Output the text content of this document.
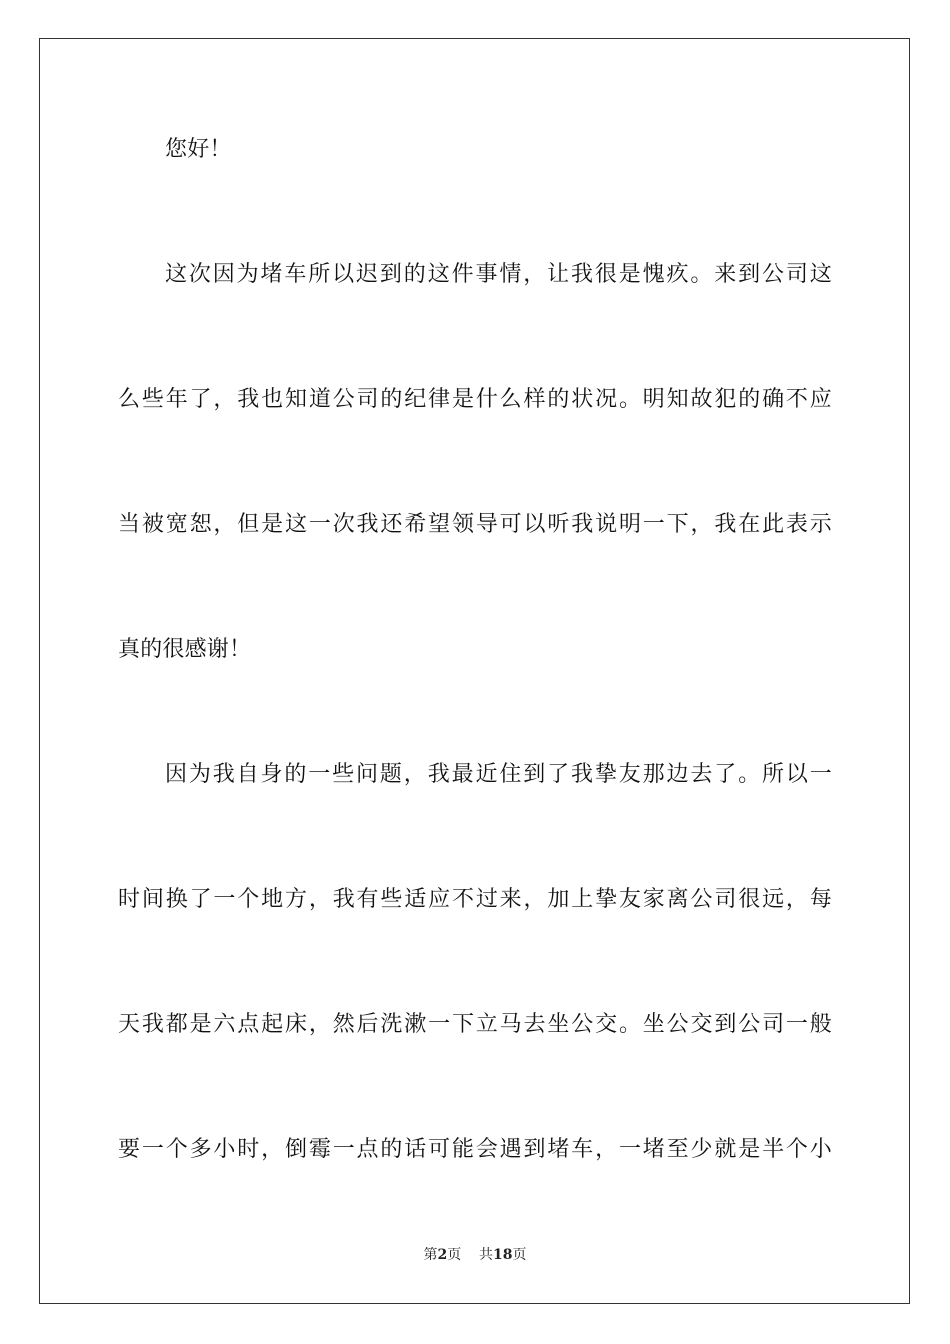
您好！
这次因为堵车所以迟到的这件事情，让我很是愧疚。来到公司这
么些年了，我也知道公司的纪律是什么样的状况。明知故犯的确不应
当被宽恕，但是这一次我还希望领导可以听我说明一下，我在此表示
真的很感谢！
因为我自身的一些问题，我最近住到了我挚友那边去了。所以一
时间换了一个地方，我有些适应不过来，加上挚友家离公司很远，每
天我都是六点起床，然后洗漱一下立马去坐公交。坐公交到公司一般
要一个多小时，倒霉一点的话可能会遇到堵车，一堵至少就是半个小
第2页 共18页
